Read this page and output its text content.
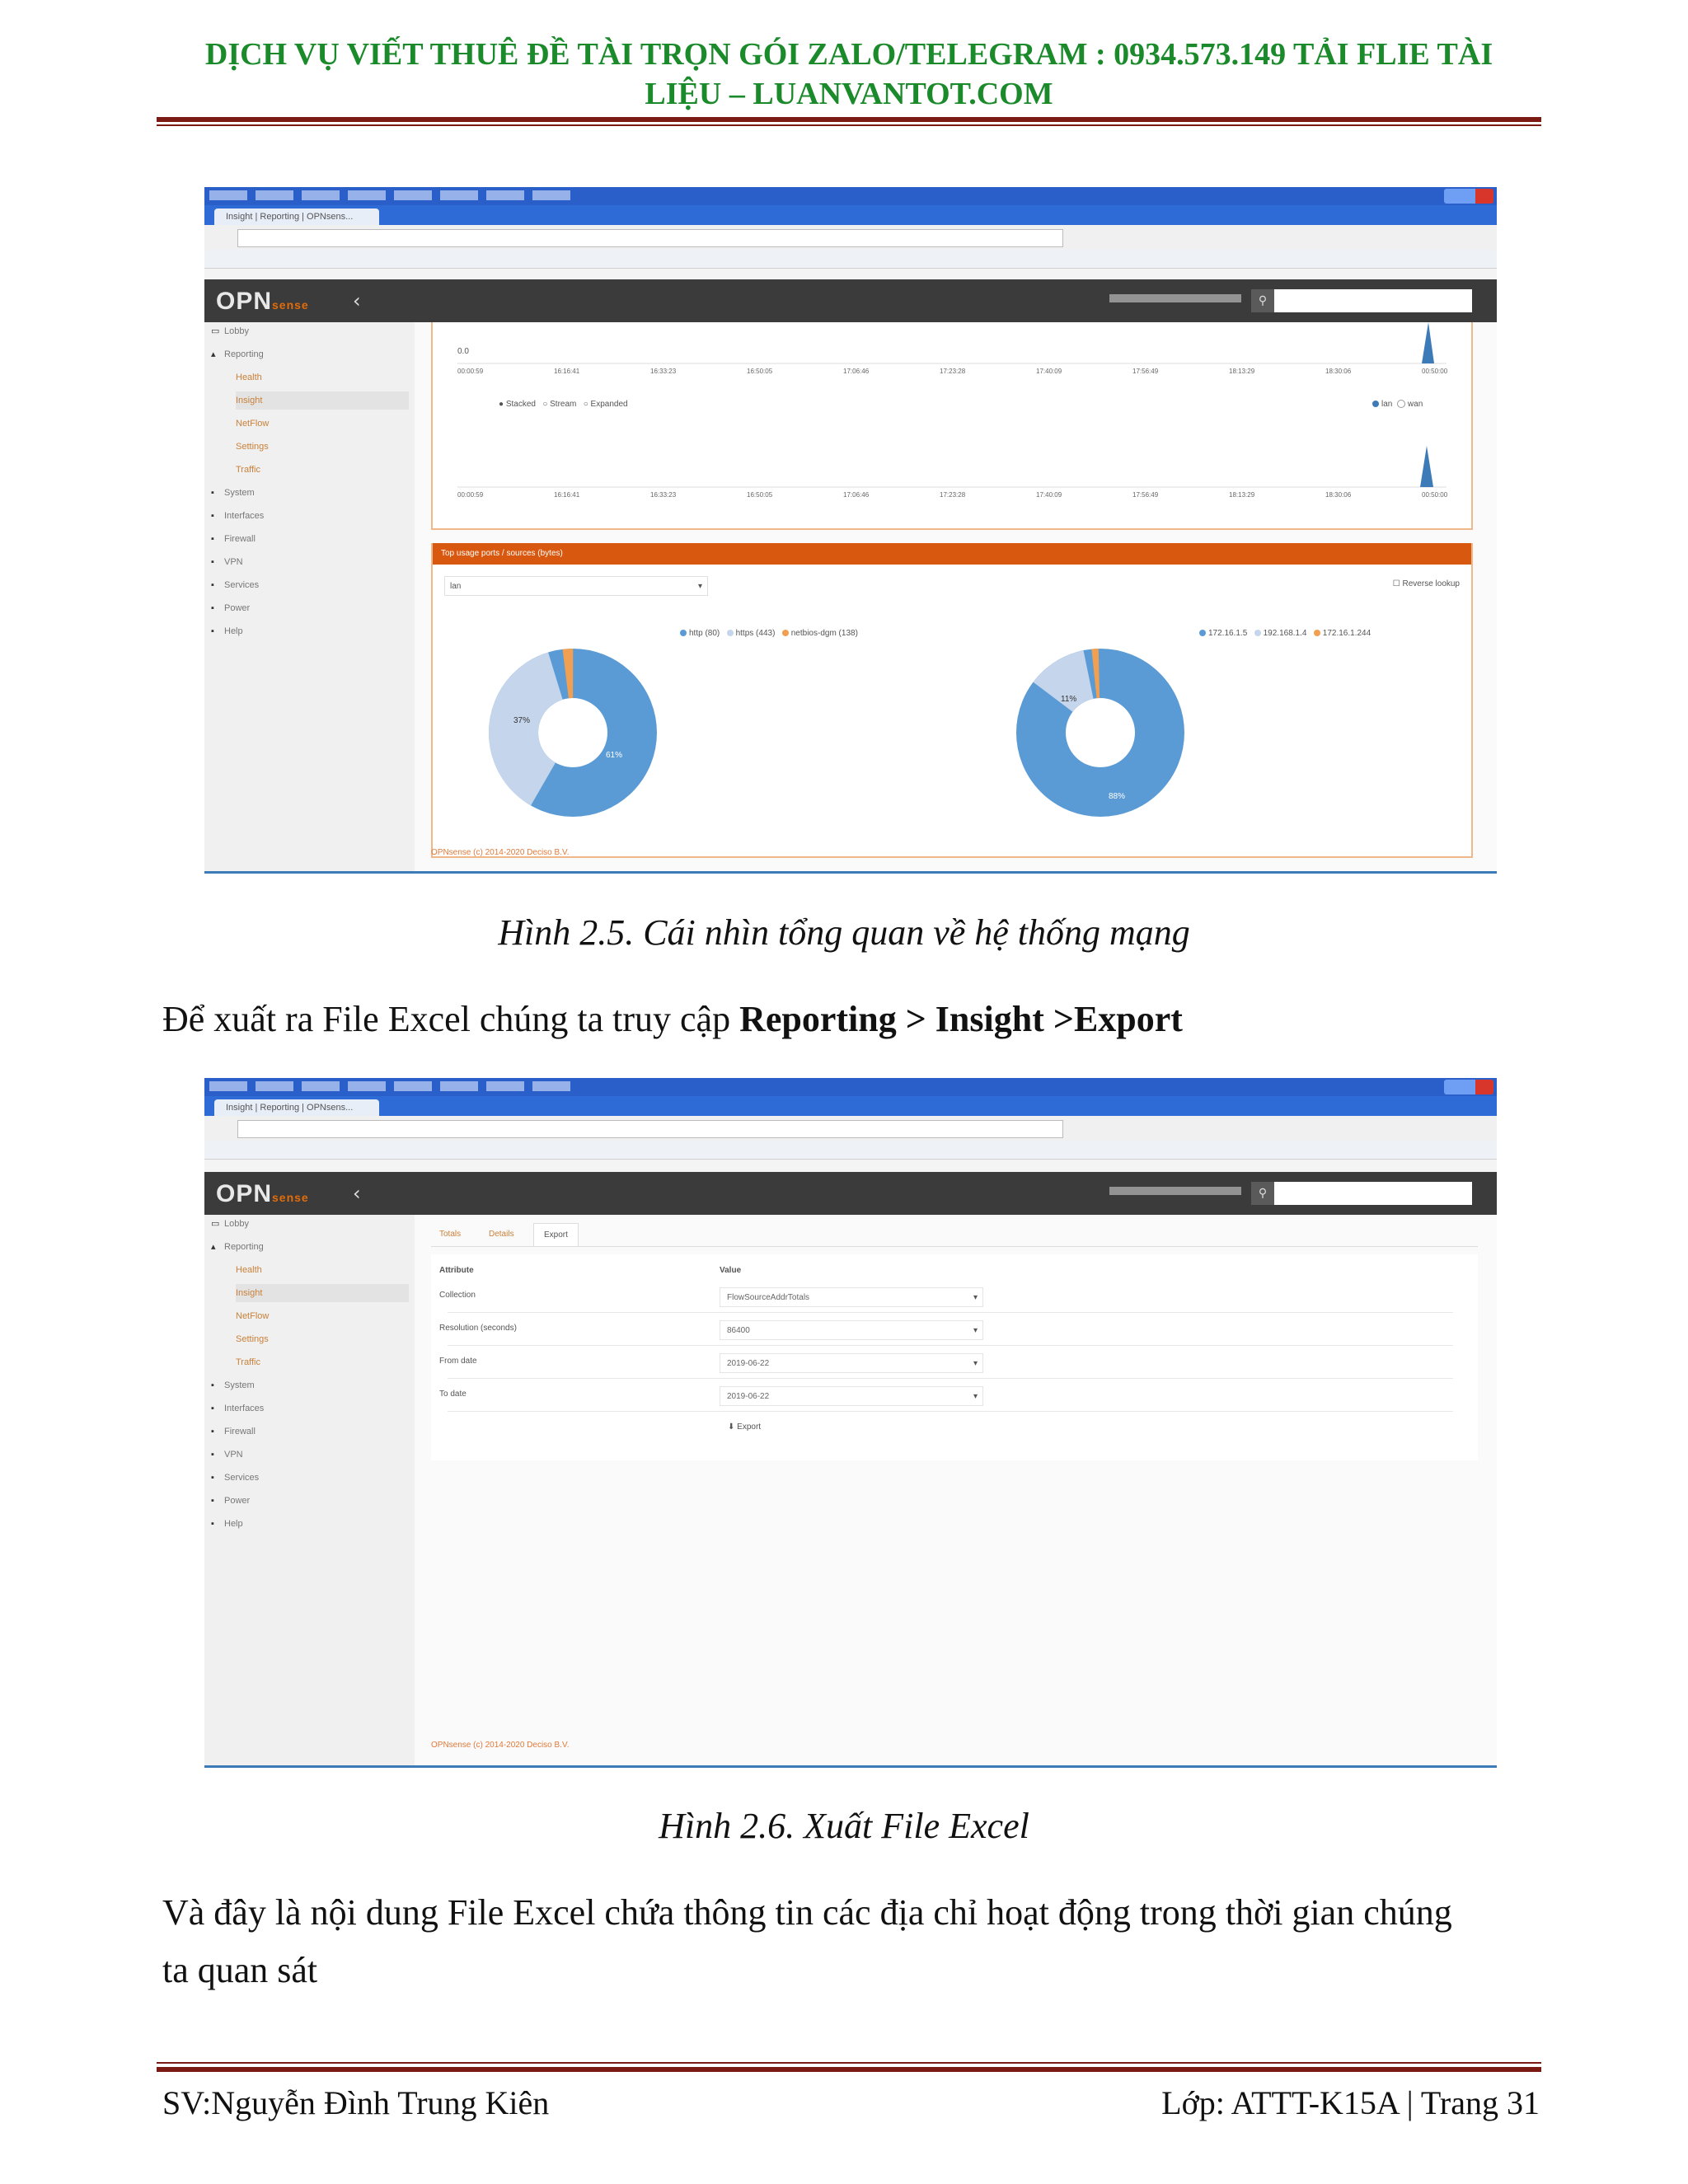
DỊCH VỤ VIẾT THUÊ ĐỀ TÀI TRỌN GÓI ZALO/TELEGRAM : 0934.573.149 TẢI FLIE TÀI
LIỆU – LUANVANTOT.COM
Insight | Reporting | OPNsens...
OPNsense ‹	⚲
▭ Lobby
▴ Reporting
Health
Insight
NetFlow
Settings
Traffic
▪ System
▪ Interfaces
▪ Firewall
▪ VPN
▪ Services
▪ Power
▪ Help
00:00:59
00:00:59
16:16:41
16:16:41
16:33:23
16:33:23
16:50:05
16:50:05
17:06:46
17:06:46
17:23:28
17:23:28
17:40:09
17:40:09
17:56:49
17:56:49
18:13:29
18:13:29
18:30:06
18:30:06
00:50:00
00:50:00
0.0
● Stacked ○ Stream ○ Expanded	lan wan
Top usage ports / sources (bytes)
lan	▾	☐ Reverse lookup
http (80) https (443) netbios-dgm (138)	172.16.1.5 192.168.1.4 172.16.1.244
37%
61%
11%
88%
OPNsense (c) 2014-2020 Deciso B.V.
Hình 2.5. Cái nhìn tổng quan về hệ thống mạng
Để xuất ra File Excel chúng ta truy cập Reporting > Insight >Export
Insight | Reporting | OPNsens...
OPNsense ‹	⚲
▭ Lobby
▴ Reporting
Health
Insight
NetFlow
Settings
Traffic
▪ System
▪ Interfaces
▪ Firewall
▪ VPN
▪ Services
▪ Power
▪ Help
Totals	Details	Export
Attribute	Value
Collection	FlowSourceAddrTotals ▾
Resolution (seconds)	86400 ▾
From date	2019-06-22 ▾
To date	2019-06-22 ▾
⬇ Export
OPNsense (c) 2014-2020 Deciso B.V.
Hình 2.6. Xuất File Excel
Và đây là nội dung File Excel chứa thông tin các địa chỉ hoạt động trong thời gian chúng
ta quan sát
SV:Nguyễn Đình Trung Kiên	Lớp: ATTT-K15A | Trang 31
